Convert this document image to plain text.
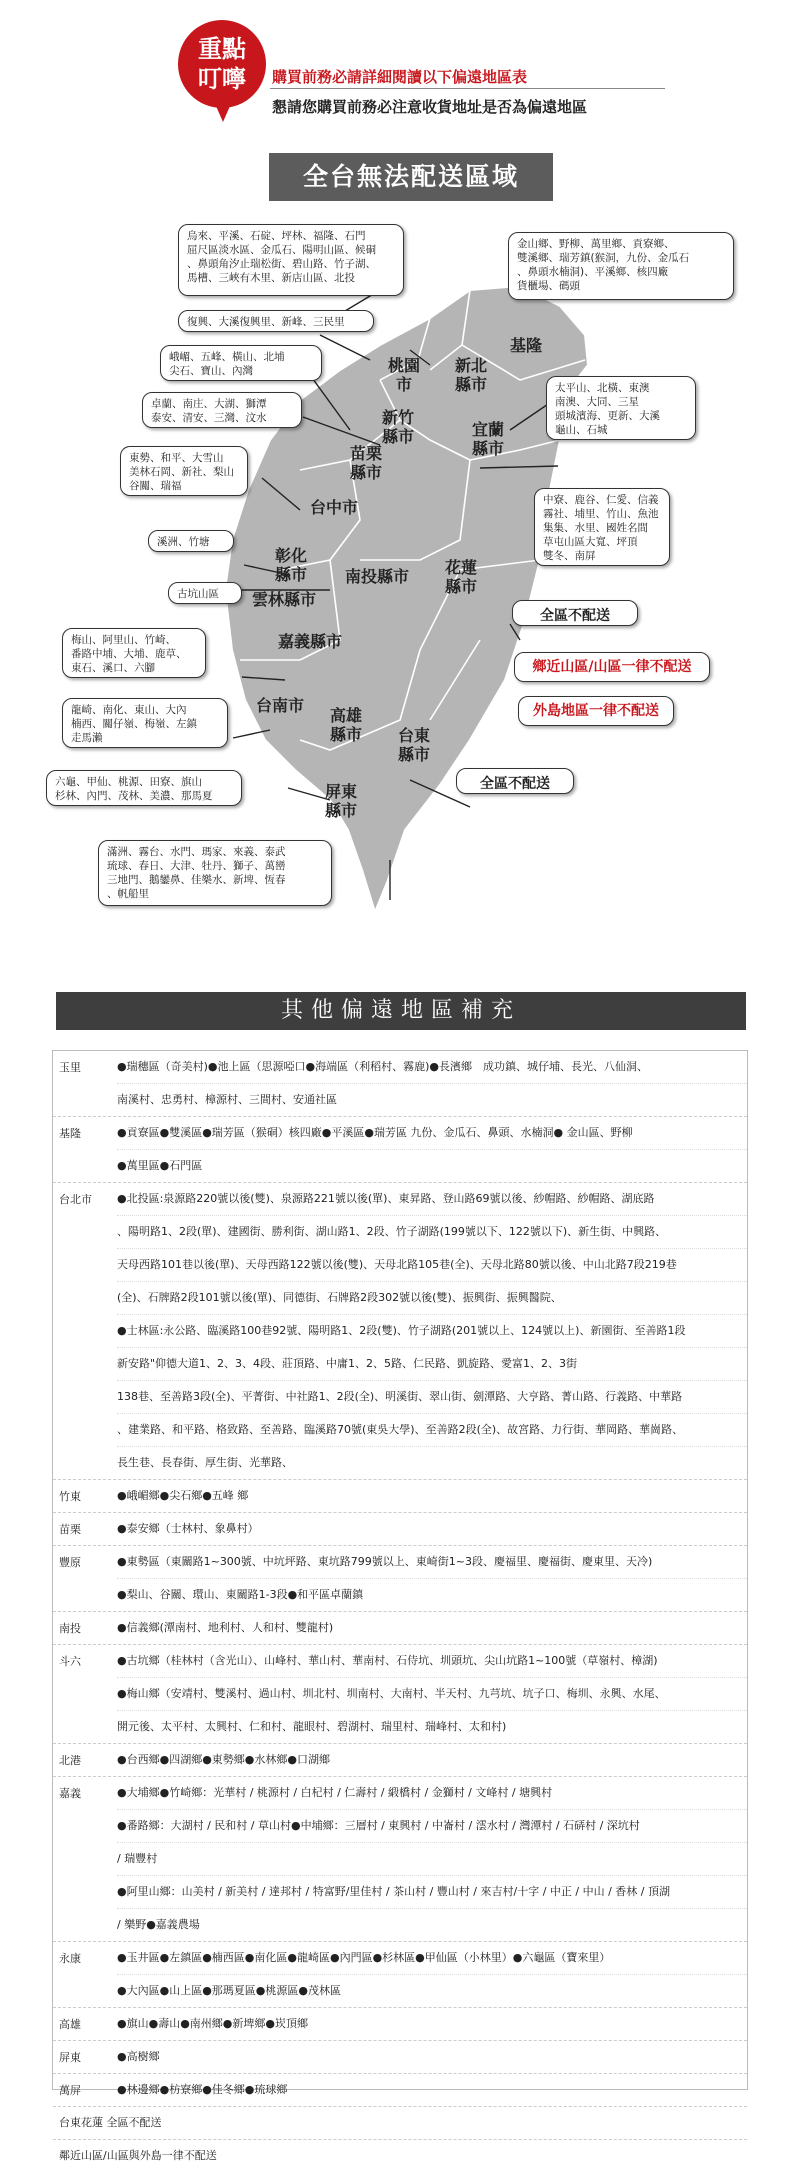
重點
叮嚀	購買前務必請詳細閱讀以下偏遠地區表
懇請您購買前務必注意收貨地址是否為偏遠地區
全台無法配送區域
桃園
市
新北
縣市
基隆
新竹
縣市	宜蘭
縣市
苗栗
縣市
台中市
彰化
縣市 南投縣市 花蓮
縣市
雲林縣市
嘉義縣市
台南市
高雄
縣市 台東
縣市
屏東
縣市
烏來、平溪、石碇、坪林、福隆、石門
屈尺區淡水區、金瓜石、陽明山區、候硐
、鼻頭角汐止瑞松街、碧山路、竹子湖、
馬槽、三峽有木里、新店山區、北投
金山鄉、野柳、萬里鄉、貢寮鄉、
雙溪鄉、瑞芳鎮(猴洞，九份、金瓜石
、鼻頭水楠洞)、平溪鄉、核四廠
貨櫃場、碼頭
復興、大溪復興里、新峰、三民里
峨嵋、五峰、橫山、北埔
尖石、寶山、內灣
卓蘭、南庄、大湖、獅潭
泰安、清安、三灣、汶水
太平山、北橫、東澳
南澳、大同、三星
頭城濱海、更新、大溪
龜山、石城
東勢、和平、大雪山
美林石岡、新社、梨山
谷關、瑞福
中寮、鹿谷、仁愛、信義
霧社、埔里、竹山、魚池
集集、水里、國姓名間
草屯山區大寬、坪頂
雙冬、南屏
溪洲、竹塘
古坑山區
梅山、阿里山、竹崎、
番路中埔、大埔、鹿草、
東石、溪口、六腳
全區不配送
鄉近山區/山區一律不配送
外島地區一律不配送
龍崎、南化、東山、大內
楠西、關仔嶺、梅嶺、左鎮
走馬瀨
全區不配送
六龜、甲仙、桃源、田寮、旗山
杉林、內門、茂林、美濃、那馬夏
滿洲、霧台、水門、瑪家、來義、泰武
琉球、春日、大津、牡丹、獅子、萬巒
三地門、鵝鑾鼻、佳樂水、新埤、恆春
、帆船里
其他偏遠地區補充
玉里	●瑞穗區（奇美村)●池上區（思源啞口●海端區（利稻村、霧鹿)●長濱鄉　成功鎮、城仔埔、長光、八仙洞、
南溪村、忠勇村、樟源村、三間村、安通社區
基隆	●貢寮區●雙溪區●瑞芳區（猴硐）核四廠●平溪區●瑞芳區 九份、金瓜石、鼻頭、水楠洞● 金山區、野柳
●萬里區●石門區
台北市	●北投區:泉源路220號以後(雙)、泉源路221號以後(單)、東昇路、登山路69號以後、紗帽路、紗帽路、湖底路
、陽明路1、2段(單)、建國街、勝利街、湖山路1、2段、竹子湖路(199號以下、122號以下)、新生街、中興路、
天母西路101巷以後(單)、天母西路122號以後(雙)、天母北路105巷(全)、天母北路80號以後、中山北路7段219巷
(全)、石牌路2段101號以後(單)、同德街、石牌路2段302號以後(雙)、振興街、振興醫院、
●士林區:永公路、臨溪路100巷92號、陽明路1、2段(雙)、竹子湖路(201號以上、124號以上)、新園街、至善路1段
新安路"仰德大道1、2、3、4段、莊頂路、中庸1、2、5路、仁民路、凱旋路、愛富1、2、3街
138巷、至善路3段(全)、平菁街、中社路1、2段(全)、明溪街、翠山街、劍潭路、大亨路、菁山路、行義路、中華路
、建業路、和平路、格致路、至善路、臨溪路70號(東吳大學)、至善路2段(全)、故宮路、力行街、華岡路、華崗路、
長生巷、長春街、厚生街、光華路、
竹東	●峨嵋鄉●尖石鄉●五峰 鄉
苗栗	●泰安鄉（士林村、象鼻村）
豐原	●東勢區（東關路1~300號、中坑坪路、東坑路799號以上、東崎街1~3段、慶福里、慶福街、慶東里、天冷)
●梨山、谷關、環山、東關路1-3段●和平區卓蘭鎮
南投	●信義鄉(潭南村、地利村、人和村、雙龍村)
斗六	●古坑鄉（桂林村（含光山）、山峰村、華山村、華南村、石侍坑、圳頭坑、尖山坑路1~100號（草嶺村、樟湖)
●梅山鄉（安靖村、雙溪村、過山村、圳北村、圳南村、大南村、半天村、九芎坑、坑子口、梅圳、永興、水尾、
開元後、太平村、太興村、仁和村、龍眼村、碧湖村、瑞里村、瑞峰村、太和村)
北港	●台西鄉●四湖鄉●東勢鄉●水林鄉●口湖鄉
嘉義	●大埔鄉●竹崎鄉：光華村 / 桃源村 / 白杞村 / 仁壽村 / 緞橋村 / 金獅村 / 文峰村 / 塘興村
●番路鄉：大湖村 / 民和村 / 草山村●中埔鄉：三層村 / 東興村 / 中崙村 / 澐水村 / 灣潭村 / 石硦村 / 深坑村
/ 瑞豐村
●阿里山鄉：山美村 / 新美村 / 達邦村 / 特富野/里佳村 / 茶山村 / 豐山村 / 來吉村/十字 / 中正 / 中山 / 香林 / 頂湖
/ 樂野●嘉義農場
永康	●玉井區●左鎮區●楠西區●南化區●龍崎區●內門區●杉林區●甲仙區（小林里）●六龜區（寶來里）
●大內區●山上區●那瑪夏區●桃源區●茂林區
高雄	●旗山●壽山●南州鄉●新埤鄉●崁頂鄉
屏東	●高樹鄉
萬屏	●林邊鄉●枋寮鄉●佳冬鄉●琉球鄉
台東花蓮 全區不配送
鄰近山區/山區與外島一律不配送
